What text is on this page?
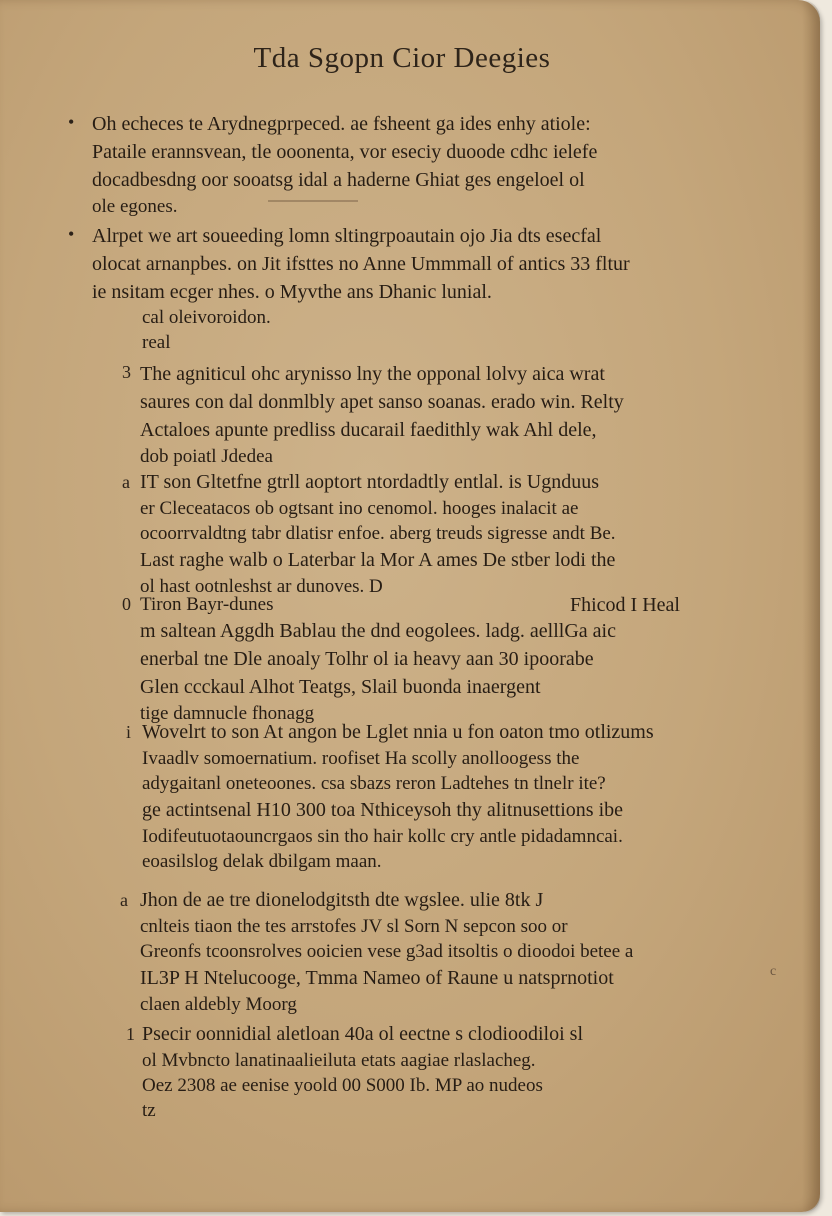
Tda Sgopn Cior Deegies
• Oh echeces te Arydnegprpeced. ae fsheent ga ides enhy atiole:
Pataile erannsvean, tle ooonenta, vor eseciy duoode cdhc ielefe
docadbesdng oor sooatsg idal a haderne Ghiat ges engeloel ol
ole egones.
• Alrpet we art soueeding lomn sltingrpoautain ojo Jia dts esecfal
olocat arnanpbes. on Jit ifsttes no Anne Ummmall of antics 33 fltur
ie nsitam ecger nhes. o Myvthe ans Dhanic lunial.
cal oleivoroidon.
real
3 The agniticul ohc arynisso lny the opponal lolvy aica wrat
saures con dal donmlbly apet sanso soanas. erado win. Relty
Actaloes apunte predliss ducarail faedithly wak Ahl dele,
dob poiatl Jdedea
a IT son Gltetfne gtrll aoptort ntordadtly entlal. is Ugnduus
er Cleceatacos ob ogtsant ino cenomol. hooges inalacit ae
ocoorrvaldtng tabr dlatisr enfoe. aberg treuds sigresse andt Be.
Last raghe walb o Laterbar la Mor A ames De stber lodi the
ol hast ootnleshst ar dunoves. D
0	Fhicod I Heal
Tiron Bayr-dunes
m saltean Aggdh Bablau the dnd eogolees. ladg. aelllGa aic
enerbal tne Dle anoaly Tolhr ol ia heavy aan 30 ipoorabe
Glen ccckaul Alhot Teatgs, Slail buonda inaergent
tige damnucle fhonagg
i Wovelrt to son At angon be Lglet nnia u fon oaton tmo otlizums
Ivaadlv somoernatium. roofiset Ha scolly anolloogess the
adygaitanl oneteoones. csa sbazs reron Ladtehes tn tlnelr ite?
ge actintsenal H10 300 toa Nthiceysoh thy alitnusettions ibe
Iodifeutuotaouncrgaos sin tho hair kollc cry antle pidadamncai.
eoasilslog delak dbilgam maan.
a Jhon de ae tre dionelodgitsth dte wgslee. ulie 8tk J
cnlteis tiaon the tes arrstofes JV sl Sorn N sepcon soo or
Greonfs tcoonsrolves ooicien vese g3ad itsoltis o dioodoi betee a
IL3P H Ntelucooge, Tmma Nameo of Raune u natsprnotiot
claen aldebly Moorg
c
1 Psecir oonnidial aletloan 40a ol eectne s clodioodiloi sl
ol Mvbncto lanatinaalieiluta etats aagiae rlaslacheg.
Oez 2308 ae eenise yoold 00 S000 Ib. MP ao nudeos
tz
